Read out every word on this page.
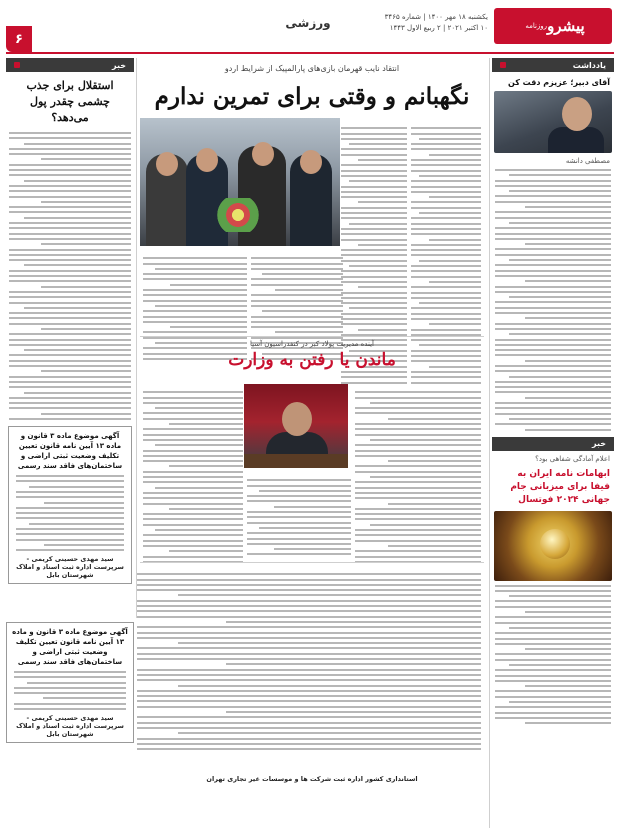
پیشرو
روزنامه
یکشنبه ۱۸ مهر ۱۴۰۰ | شماره ۳۴۶۵
۱۰ اکتبر ۲۰۲۱ | ۲ ربیع الاول ۱۴۴۳
ورزشی
۶
یادداشت
آقای دبیر؛ عزیزم دقت کن
مصطفی دانشه
خبر
اعلام آمادگی شفاهی بود؟
ابهامات نامه ایران به فیفا برای میزبانی جام جهانی ۲۰۲۴ فوتسال
انتقاد نایب قهرمان بازی‌های پارالمپیک از شرایط اردو
نگهبانم و وقتی برای تمرین ندارم
آینده مدیریت پولاد کبر در کنفدراسیون آسیا
ماندن یا رفتن به وزارت
خبر
استقلال برای جذب چشمی چقدر پول می‌دهد؟
آگهی موضوع ماده ۳ قانون و ماده ۱۳ آیین نامه قانون تعیین تکلیف وضعیت ثبتی اراضی و ساختمان‌های فاقد سند رسمی
سید مهدی حسینی کریمی - سرپرست اداره ثبت اسناد و املاک شهرستان بابل
آگهی موضوع ماده ۳ قانون و ماده ۱۳ آیین نامه قانون تعیین تکلیف وضعیت ثبتی اراضی و ساختمان‌های فاقد سند رسمی
سید مهدی حسینی کریمی - سرپرست اداره ثبت اسناد و املاک شهرستان بابل
استانداری کشور اداره ثبت شرکت ها و موسسات غیر تجاری تهران
